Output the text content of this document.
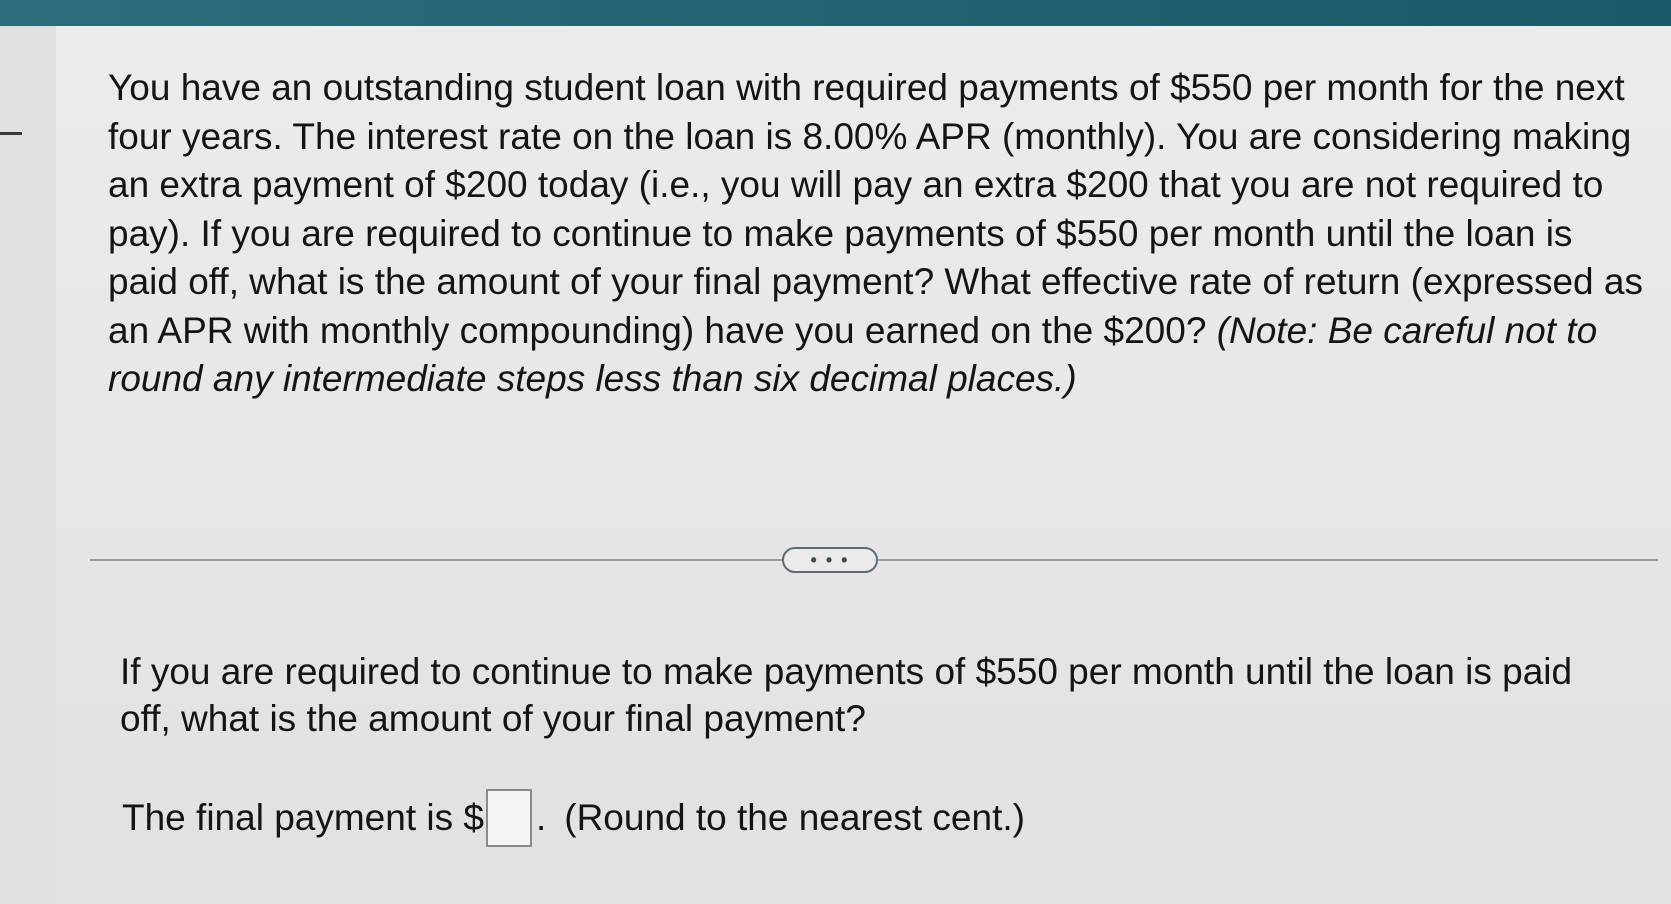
You have an outstanding student loan with required payments of $550 per month for the next four years. The interest rate on the loan is 8.00% APR (monthly). You are considering making an extra payment of $200 today (i.e., you will pay an extra $200 that you are not required to pay). If you are required to continue to make payments of $550 per month until the loan is paid off, what is the amount of your final payment? What effective rate of return (expressed as an APR with monthly compounding) have you earned on the $200? (Note: Be careful not to round any intermediate steps less than six decimal places.)

• • •

If you are required to continue to make payments of $550 per month until the loan is paid off, what is the amount of your final payment?

The final payment is $ . (Round to the nearest cent.)
